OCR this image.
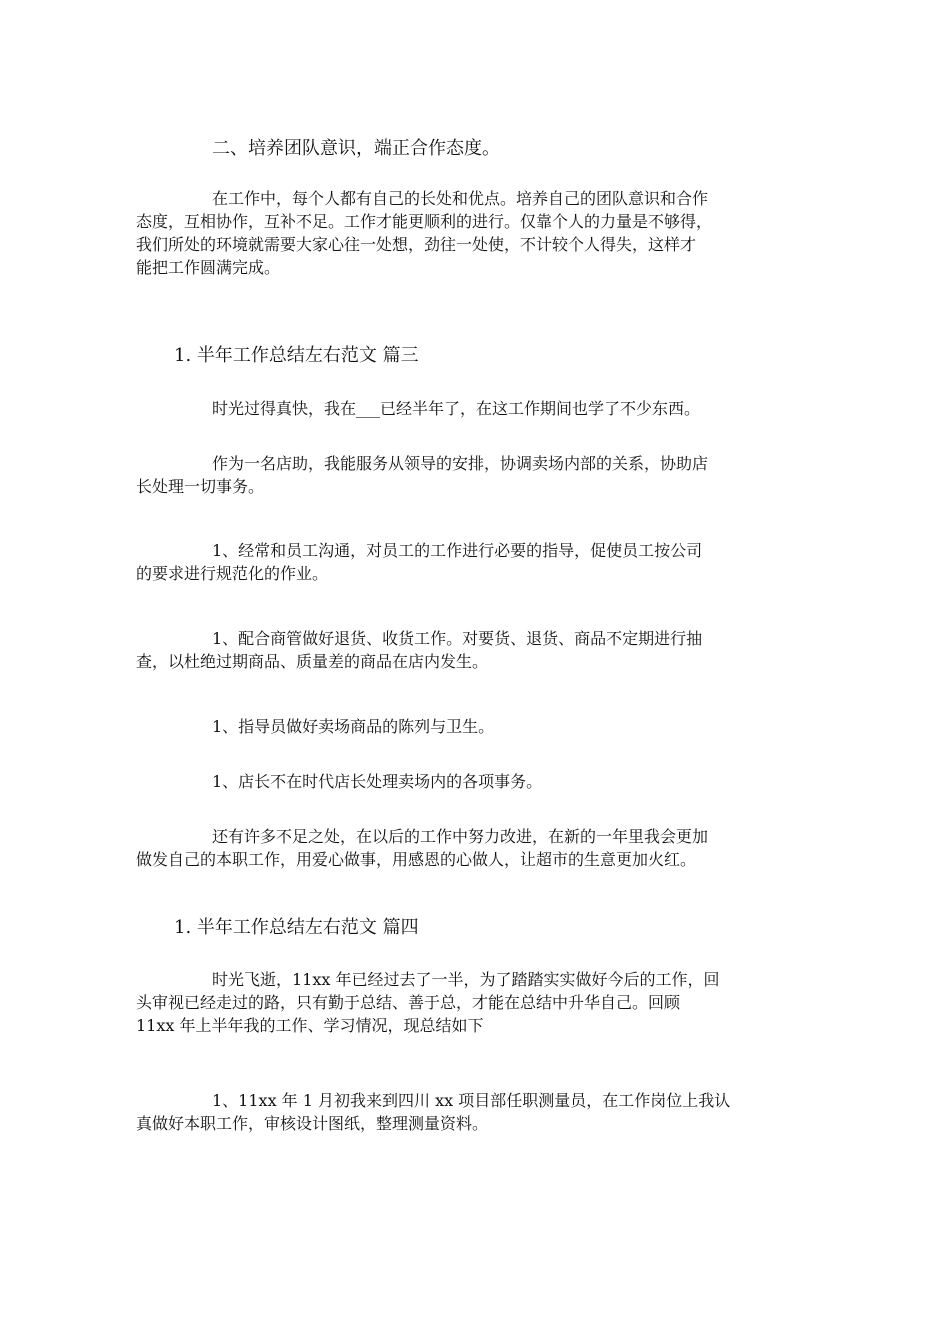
二、培养团队意识，端正合作态度。
在工作中，每个人都有自己的长处和优点。培养自己的团队意识和合作
态度，互相协作，互补不足。工作才能更顺利的进行。仅靠个人的力量是不够得，
我们所处的环境就需要大家心往一处想，劲往一处使，不计较个人得失，这样才
能把工作圆满完成。
1. 半年工作总结左右范文 篇三
时光过得真快，我在___已经半年了，在这工作期间也学了不少东西。
作为一名店助，我能服务从领导的安排，协调卖场内部的关系，协助店
长处理一切事务。
1、经常和员工沟通，对员工的工作进行必要的指导，促使员工按公司
的要求进行规范化的作业。
1、配合商管做好退货、收货工作。对要货、退货、商品不定期进行抽
查，以杜绝过期商品、质量差的商品在店内发生。
1、指导员做好卖场商品的陈列与卫生。
1、店长不在时代店长处理卖场内的各项事务。
还有许多不足之处，在以后的工作中努力改进，在新的一年里我会更加
做发自己的本职工作，用爱心做事，用感恩的心做人，让超市的生意更加火红。
1. 半年工作总结左右范文 篇四
时光飞逝，11xx 年已经过去了一半，为了踏踏实实做好今后的工作，回
头审视已经走过的路，只有勤于总结、善于总，才能在总结中升华自己。回顾
11xx 年上半年我的工作、学习情况，现总结如下
1、11xx 年 1 月初我来到四川 xx 项目部任职测量员，在工作岗位上我认
真做好本职工作，审核设计图纸，整理测量资料。
